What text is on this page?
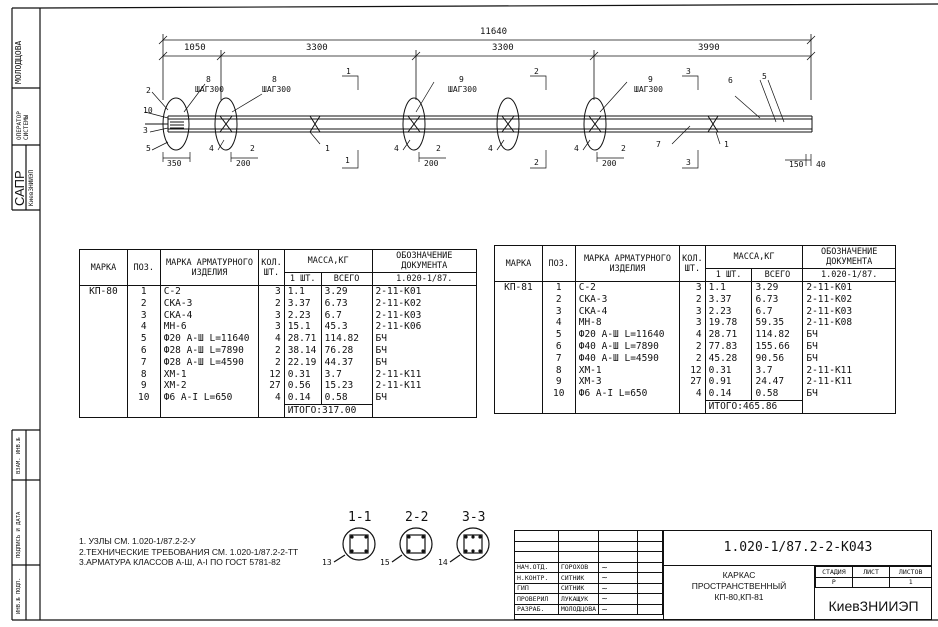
11640
1050	3300	3300	3990
ШАГ300	ШАГ300	ШАГ300	ШАГ300
2
10
3
5
8	8
4	2
9
4	2
9
4
1
6	5
7	1
4	2
1
1	2
2
3
3
350	200	200	200	150 40
МОЛОДЦОВА
ОПЕРАТОР СИСТЕМЫ
САПР КиевЗНИИЭП
ВЗАМ. ИНВ.№
ПОДПИСЬ И ДАТА
ИНВ.№ ПОДЛ.
МАРКА	ПОЗ.	МАРКА АРМАТУРНОГО ИЗДЕЛИЯ	КОЛ. ШТ.	МАССА,КГ		ОБОЗНАЧЕНИЕ ДОКУМЕНТА
				1 ШТ.	ВСЕГО	1.020-1/87.
КП-80	1	С-2	3	1.1	3.29	2-11-К01
	2	СКА-3	2	3.37	6.73	2-11-К02
	3	СКА-4	3	2.23	6.7	2-11-К03
	4	МН-6	3	15.1	45.3	2-11-К06
	5	Ф20 А-Ш L=11640	4	28.71	114.82	БЧ
	6	Ф28 А-Ш L=7890	2	38.14	76.28	БЧ
	7	Ф28 А-Ш L=4590	2	22.19	44.37	БЧ
	8	ХМ-1	12	0.31	3.7	2-11-К11
	9	ХМ-2	27	0.56	15.23	2-11-К11
	10	Ф6 А-I L=650	4	0.14	0.58	БЧ
				ИТОГО:317.00		
МАРКА	ПОЗ.	МАРКА АРМАТУРНОГО ИЗДЕЛИЯ	КОЛ. ШТ.	МАССА,КГ		ОБОЗНАЧЕНИЕ ДОКУМЕНТА
				1 ШТ.	ВСЕГО	1.020-1/87.
КП-81	1	С-2	3	1.1	3.29	2-11-К01
	2	СКА-3	2	3.37	6.73	2-11-К02
	3	СКА-4	3	2.23	6.7	2-11-К03
	4	МН-8	3	19.78	59.35	2-11-К08
	5	Ф20 А-Ш L=11640	4	28.71	114.82	БЧ
	6	Ф40 А-Ш L=7890	2	77.83	155.66	БЧ
	7	Ф40 А-Ш L=4590	2	45.28	90.56	БЧ
	8	ХМ-1	12	0.31	3.7	2-11-К11
	9	ХМ-3	27	0.91	24.47	2-11-К11
	10	Ф6 А-I L=650	4	0.14	0.58	БЧ
				ИТОГО:465.86		
1. УЗЛЫ СМ. 1.020-1/87.2-2-У
2.ТЕХНИЧЕСКИЕ ТРЕБОВАНИЯ СМ. 1.020-1/87.2-2-ТТ
3.АРМАТУРА КЛАССОВ А-Ш, А-I ПО ГОСТ 5781-82
1-1	2-2	3-3
13	15	14
1.020-1/87.2-2-К043

НАЧ.ОТД.	ГОРОХОВ	~	
Н.КОНТР.	СИТНИК	~	
ГИП	СИТНИК	~	
ПРОВЕРИЛ	ЛУКАЩУК	~	
РАЗРАБ.	МОЛОДЦОВА	~	
КАРКАС
ПРОСТРАНСТВЕННЫЙ
КП-80,КП-81
СТАДИЯ	ЛИСТ	ЛИСТОВ
Р		1
КиевЗНИИЭП
